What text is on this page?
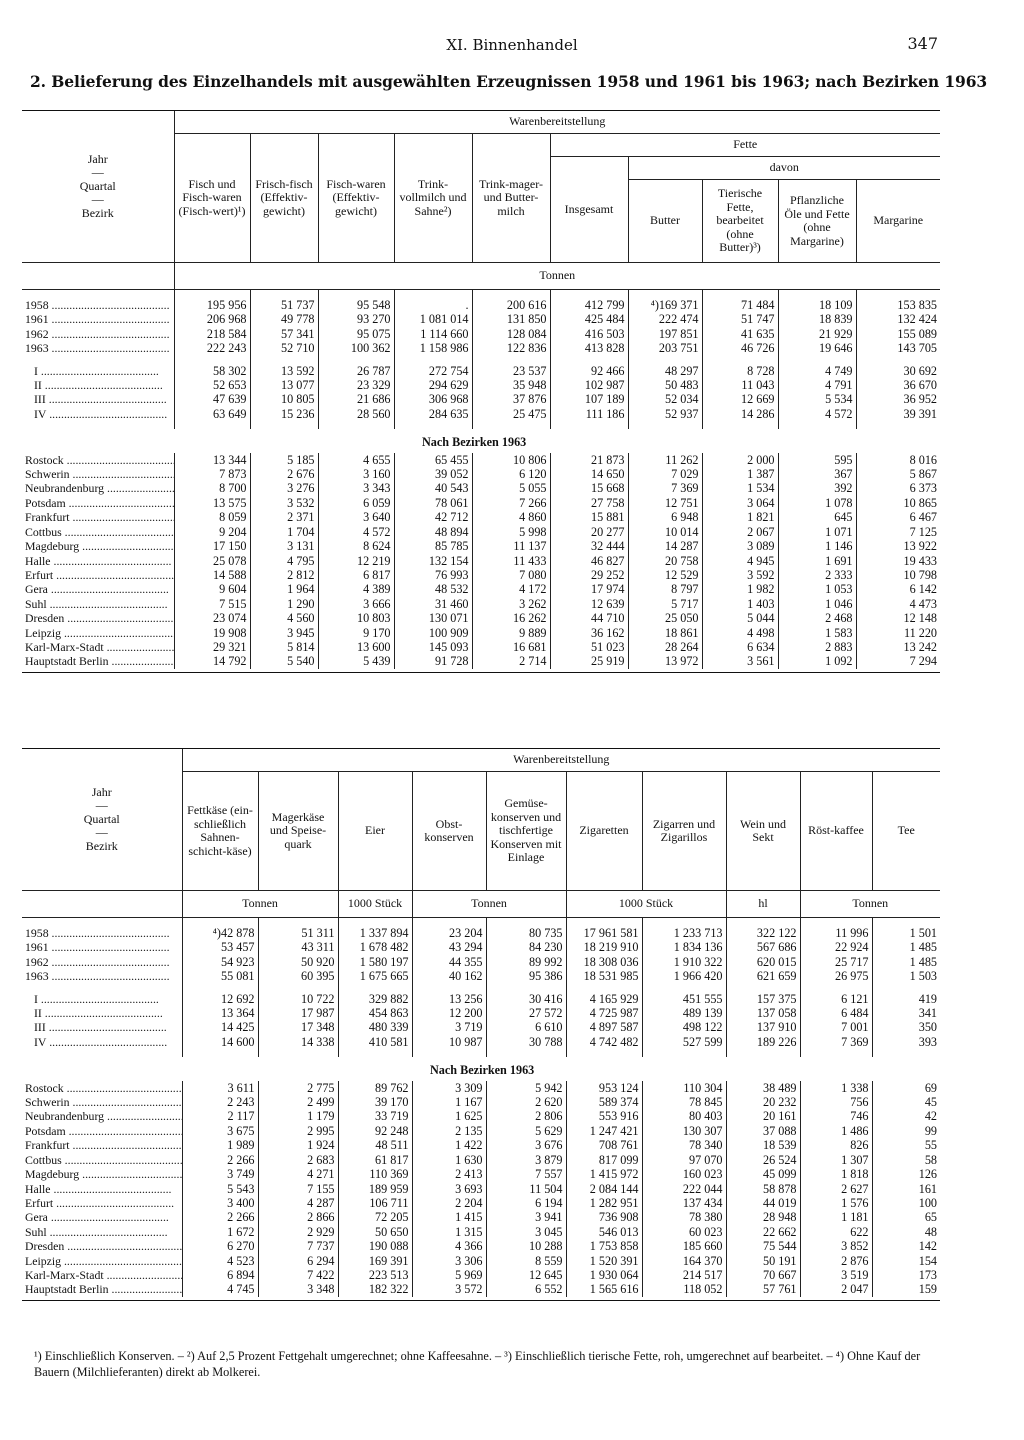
XI. Binnenhandel	347
2. Belieferung des Einzelhandels mit ausgewählten Erzeugnissen 1958 und 1961 bis 1963; nach Bezirken 1963
Jahr
—
Quartal
—
Bezirk	Warenbereitstellung									
	Fisch und Fisch-waren (Fisch-wert)¹)	Frisch-fisch (Effektiv-gewicht)	Fisch-waren (Effektiv-gewicht)	Trink-vollmilch und Sahne²)	Trink-mager-und Butter-milch	Fette				
						Insgesamt	davon			
							Butter	Tierische Fette, bearbeitet (ohne Butter)³)	Pflanzliche Öle und Fette (ohne Margarine)	Margarine
	Tonnen									

1958 .....	195 956	51 737	95 548	.	200 616	412 799	⁴)169 371	71 484	18 109	153 835
1961 .....	206 968	49 778	93 270	1 081 014	131 850	425 484	222 474	51 747	18 839	132 424
1962 .....	218 584	57 341	95 075	1 114 660	128 084	416 503	197 851	41 635	21 929	155 089
1963 .....	222 243	52 710	100 362	1 158 986	122 836	413 828	203 751	46 726	19 646	143 705

I .....	58 302	13 592	26 787	272 754	23 537	92 466	48 297	8 728	4 749	30 692
II .....	52 653	13 077	23 329	294 629	35 948	102 987	50 483	11 043	4 791	36 670
III .....	47 639	10 805	21 686	306 968	37 876	107 189	52 034	12 669	5 534	36 952
IV .....	63 649	15 236	28 560	284 635	25 475	111 186	52 937	14 286	4 572	39 391

	Nach Bezirken 1963									
Rostock .....	13 344	5 185	4 655	65 455	10 806	21 873	11 262	2 000	595	8 016
Schwerin .....	7 873	2 676	3 160	39 052	6 120	14 650	7 029	1 387	367	5 867
Neubrandenburg .....	8 700	3 276	3 343	40 543	5 055	15 668	7 369	1 534	392	6 373
Potsdam .....	13 575	3 532	6 059	78 061	7 266	27 758	12 751	3 064	1 078	10 865
Frankfurt .....	8 059	2 371	3 640	42 712	4 860	15 881	6 948	1 821	645	6 467
Cottbus .....	9 204	1 704	4 572	48 894	5 998	20 277	10 014	2 067	1 071	7 125
Magdeburg .....	17 150	3 131	8 624	85 785	11 137	32 444	14 287	3 089	1 146	13 922
Halle .....	25 078	4 795	12 219	132 154	11 433	46 827	20 758	4 945	1 691	19 433
Erfurt .....	14 588	2 812	6 817	76 993	7 080	29 252	12 529	3 592	2 333	10 798
Gera .....	9 604	1 964	4 389	48 532	4 172	17 974	8 797	1 982	1 053	6 142
Suhl .....	7 515	1 290	3 666	31 460	3 262	12 639	5 717	1 403	1 046	4 473
Dresden .....	23 074	4 560	10 803	130 071	16 262	44 710	25 050	5 044	2 468	12 148
Leipzig .....	19 908	3 945	9 170	100 909	9 889	36 162	18 861	4 498	1 583	11 220
Karl-Marx-Stadt .....	29 321	5 814	13 600	145 093	16 681	51 023	28 264	6 634	2 883	13 242
Hauptstadt Berlin .....	14 792	5 540	5 439	91 728	2 714	25 919	13 972	3 561	1 092	7 294

Jahr
—
Quartal
—
Bezirk	Warenbereitstellung									
	Fettkäse (ein-schließlich Sahnen-schicht-käse)	Magerkäse und Speise-quark	Eier	Obst-konserven	Gemüse-konserven und tischfertige Konserven mit Einlage	Zigaretten	Zigarren und Zigarillos	Wein und Sekt	Röst-kaffee	Tee
	Tonnen		1000 Stück	Tonnen		1000 Stück		hl	Tonnen	

1958 .....	⁴)42 878	51 311	1 337 894	23 204	80 735	17 961 581	1 233 713	322 122	11 996	1 501
1961 .....	53 457	43 311	1 678 482	43 294	84 230	18 219 910	1 834 136	567 686	22 924	1 485
1962 .....	54 923	50 920	1 580 197	44 355	89 992	18 308 036	1 910 322	620 015	25 717	1 485
1963 .....	55 081	60 395	1 675 665	40 162	95 386	18 531 985	1 966 420	621 659	26 975	1 503

I .....	12 692	10 722	329 882	13 256	30 416	4 165 929	451 555	157 375	6 121	419
II .....	13 364	17 987	454 863	12 200	27 572	4 725 987	489 139	137 058	6 484	341
III .....	14 425	17 348	480 339	3 719	6 610	4 897 587	498 122	137 910	7 001	350
IV .....	14 600	14 338	410 581	10 987	30 788	4 742 482	527 599	189 226	7 369	393

	Nach Bezirken 1963									
Rostock .....	3 611	2 775	89 762	3 309	5 942	953 124	110 304	38 489	1 338	69
Schwerin .....	2 243	2 499	39 170	1 167	2 620	589 374	78 845	20 232	756	45
Neubrandenburg .....	2 117	1 179	33 719	1 625	2 806	553 916	80 403	20 161	746	42
Potsdam .....	3 675	2 995	92 248	2 135	5 629	1 247 421	130 307	37 088	1 486	99
Frankfurt .....	1 989	1 924	48 511	1 422	3 676	708 761	78 340	18 539	826	55
Cottbus .....	2 266	2 683	61 817	1 630	3 879	817 099	97 070	26 524	1 307	58
Magdeburg .....	3 749	4 271	110 369	2 413	7 557	1 415 972	160 023	45 099	1 818	126
Halle .....	5 543	7 155	189 959	3 693	11 504	2 084 144	222 044	58 878	2 627	161
Erfurt .....	3 400	4 287	106 711	2 204	6 194	1 282 951	137 434	44 019	1 576	100
Gera .....	2 266	2 866	72 205	1 415	3 941	736 908	78 380	28 948	1 181	65
Suhl .....	1 672	2 929	50 650	1 315	3 045	546 013	60 023	22 662	622	48
Dresden .....	6 270	7 737	190 088	4 366	10 288	1 753 858	185 660	75 544	3 852	142
Leipzig .....	4 523	6 294	169 391	3 306	8 559	1 520 391	164 370	50 191	2 876	154
Karl-Marx-Stadt .....	6 894	7 422	223 513	5 969	12 645	1 930 064	214 517	70 667	3 519	173
Hauptstadt Berlin .....	4 745	3 348	182 322	3 572	6 552	1 565 616	118 052	57 761	2 047	159

¹) Einschließlich Konserven. – ²) Auf 2,5 Prozent Fettgehalt umgerechnet; ohne Kaffeesahne. – ³) Einschließlich tierische Fette, roh, umgerechnet auf bearbeitet. – ⁴) Ohne Kauf der Bauern (Milchlieferanten) direkt ab Molkerei.
